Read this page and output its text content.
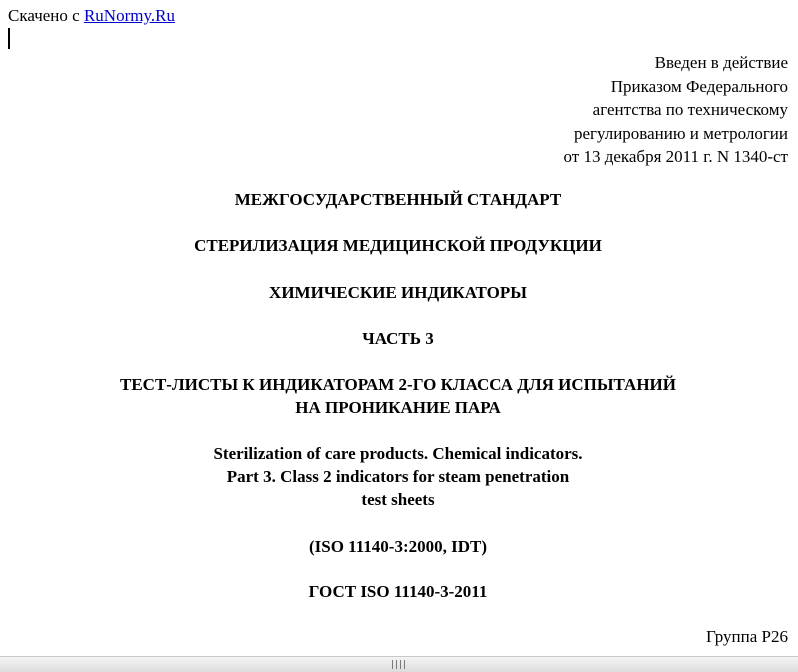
Скачено с RuNormy.Ru
Введен в действие
Приказом Федерального
агентства по техническому
регулированию и метрологии
от 13 декабря 2011 г. N 1340-ст
МЕЖГОСУДАРСТВЕННЫЙ СТАНДАРТ
СТЕРИЛИЗАЦИЯ МЕДИЦИНСКОЙ ПРОДУКЦИИ
ХИМИЧЕСКИЕ ИНДИКАТОРЫ
ЧАСТЬ 3
ТЕСТ-ЛИСТЫ К ИНДИКАТОРАМ 2-ГО КЛАССА ДЛЯ ИСПЫТАНИЙ
НА ПРОНИКАНИЕ ПАРА
Sterilization of care products. Chemical indicators.
Part 3. Class 2 indicators for steam penetration
test sheets
(ISO 11140-3:2000, IDT)
ГОСТ ISO 11140-3-2011
Группа Р26
